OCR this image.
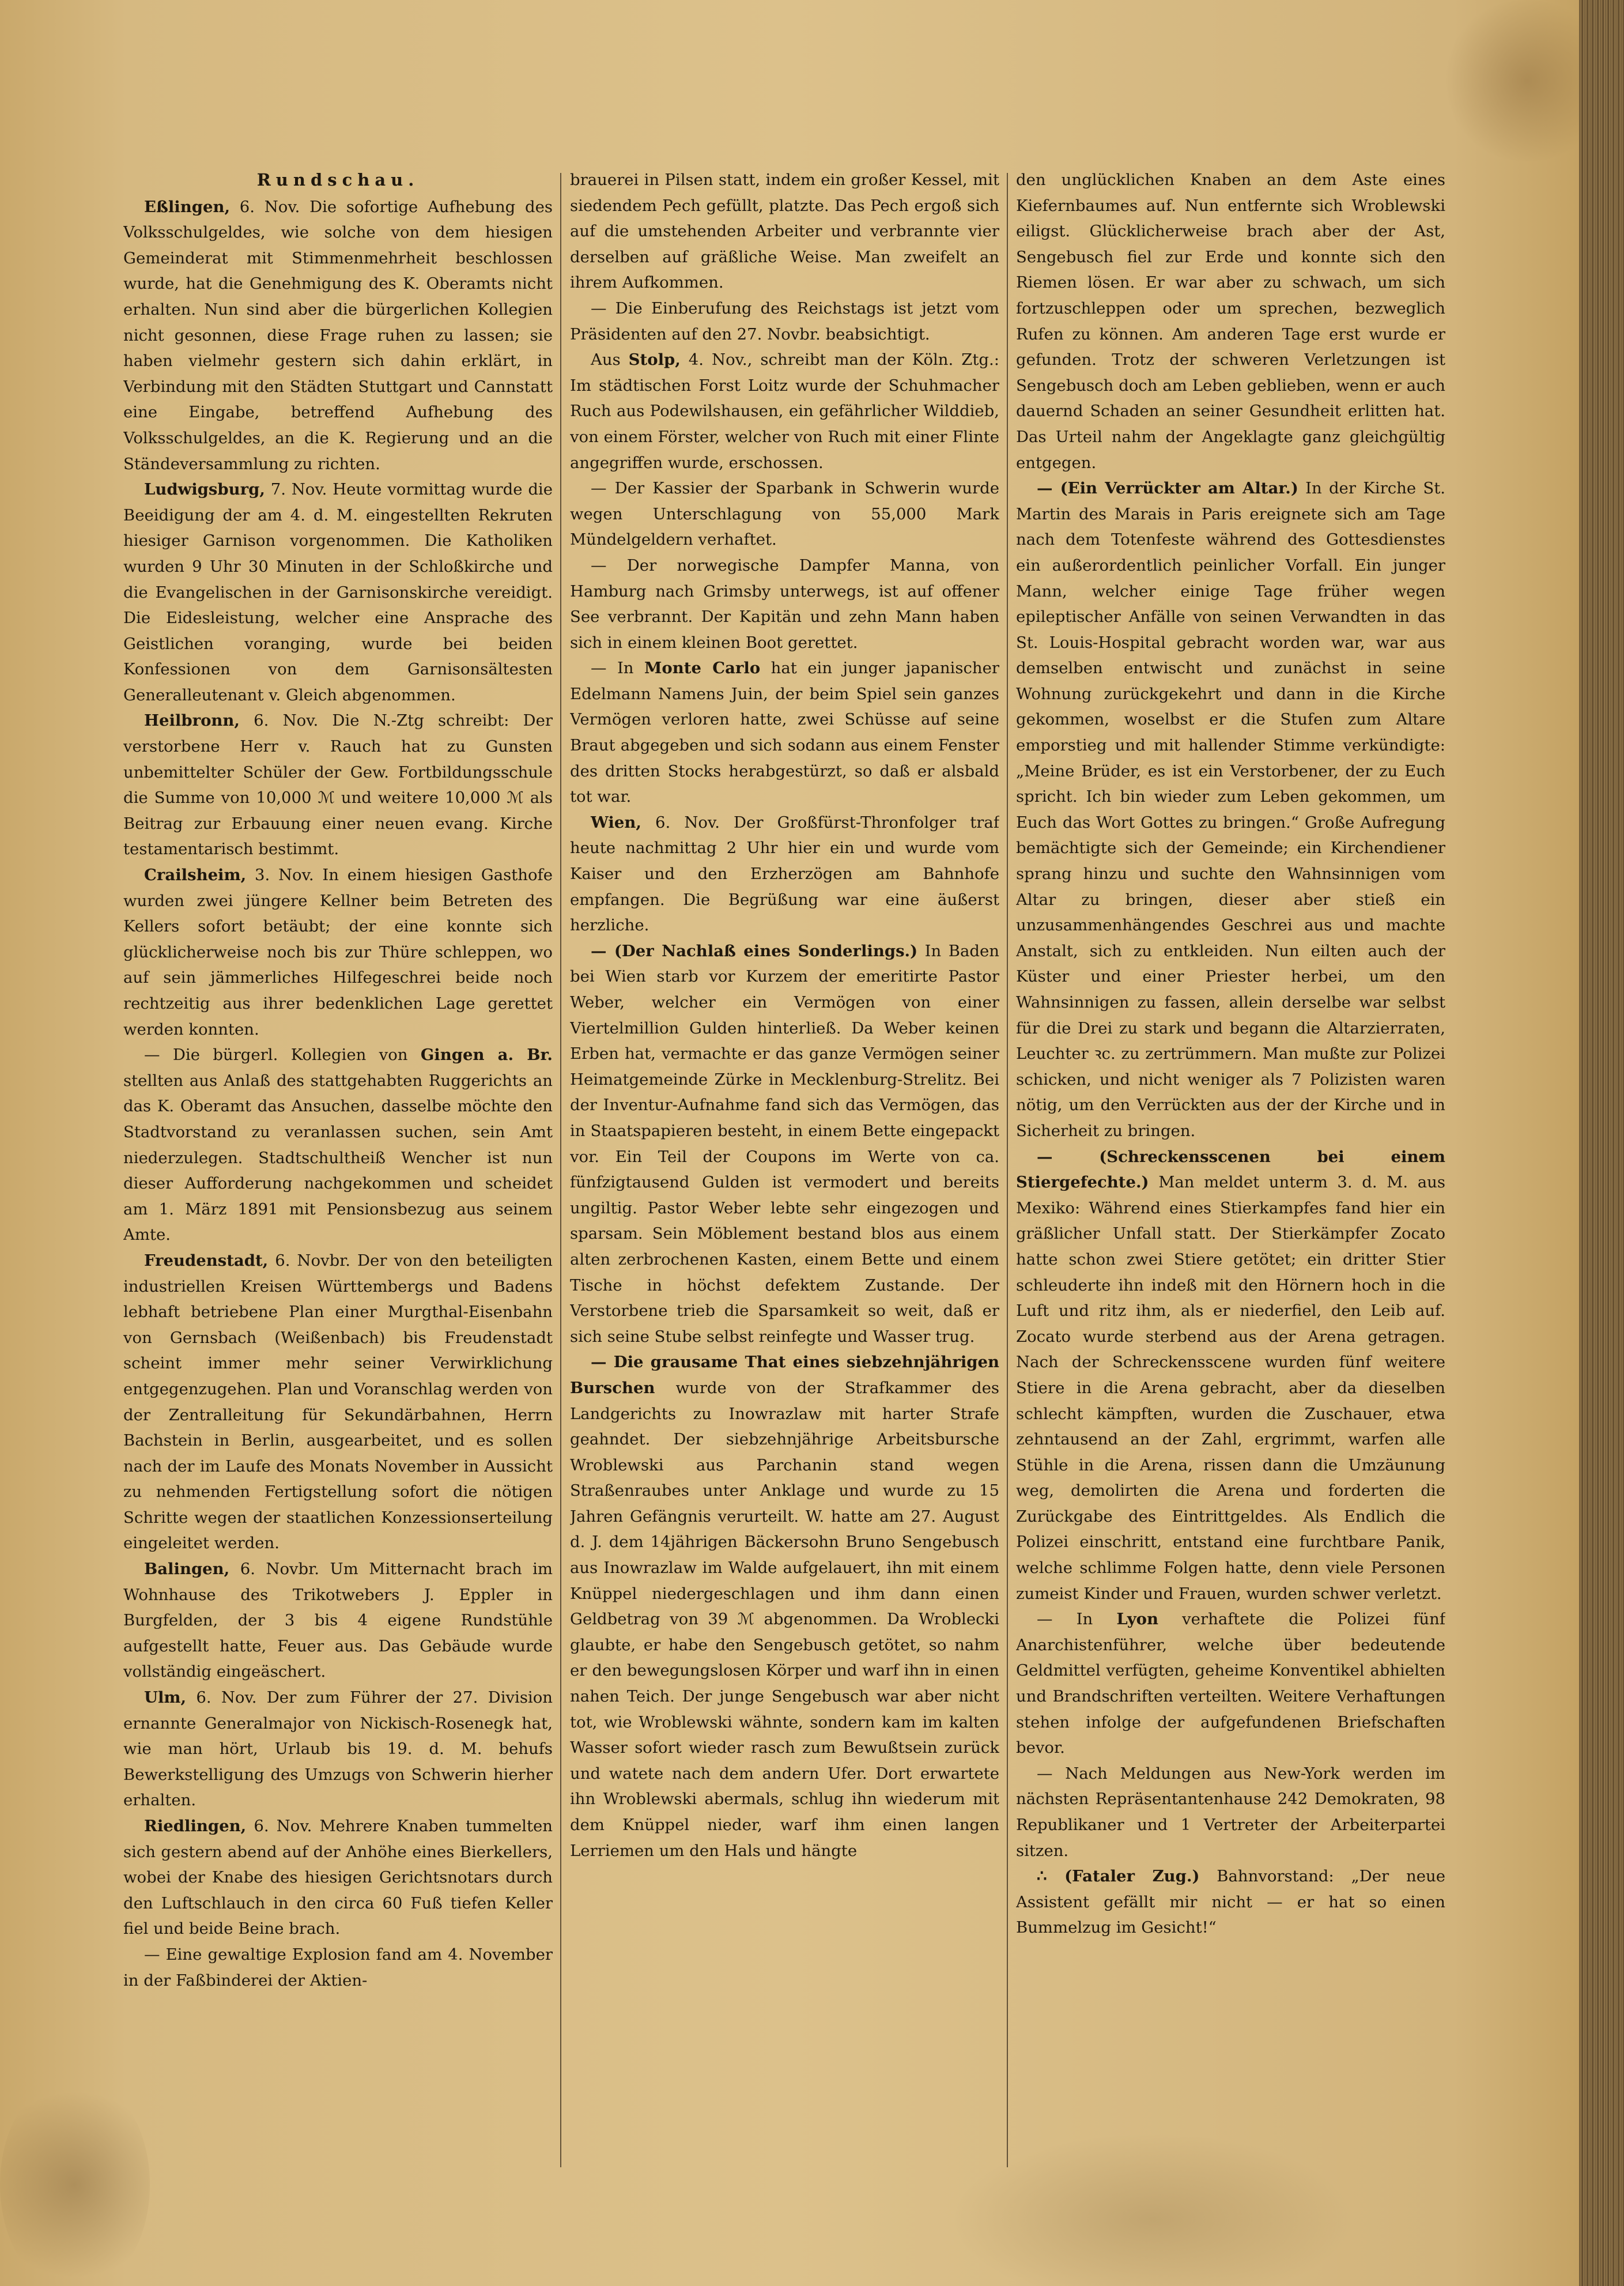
Rundschau.

Eßlingen, 6. Nov. Die sofortige Aufhebung des Volksschulgeldes, wie solche von dem hiesigen Gemeinderat mit Stimmenmehrheit beschlossen wurde, hat die Genehmigung des K. Oberamts nicht erhalten. Nun sind aber die bürgerlichen Kollegien nicht gesonnen, diese Frage ruhen zu lassen; sie haben vielmehr gestern sich dahin erklärt, in Verbindung mit den Städten Stuttgart und Cannstatt eine Eingabe, betreffend Aufhebung des Volksschulgeldes, an die K. Regierung und an die Ständeversammlung zu richten.

Ludwigsburg, 7. Nov. Heute vormittag wurde die Beeidigung der am 4. d. M. eingestellten Rekruten hiesiger Garnison vorgenommen. Die Katholiken wurden 9 Uhr 30 Minuten in der Schloßkirche und die Evangelischen in der Garnisonskirche vereidigt. Die Eidesleistung, welcher eine Ansprache des Geistlichen voranging, wurde bei beiden Konfessionen von dem Garnisonsältesten Generalleutenant v. Gleich abgenommen.

Heilbronn, 6. Nov. Die N.-Ztg schreibt: Der verstorbene Herr v. Rauch hat zu Gunsten unbemittelter Schüler der Gew. Fortbildungsschule die Summe von 10,000 ℳ und weitere 10,000 ℳ als Beitrag zur Erbauung einer neuen evang. Kirche testamentarisch bestimmt.

Crailsheim, 3. Nov. In einem hiesigen Gasthofe wurden zwei jüngere Kellner beim Betreten des Kellers sofort betäubt; der eine konnte sich glücklicherweise noch bis zur Thüre schleppen, wo auf sein jämmerliches Hilfegeschrei beide noch rechtzeitig aus ihrer bedenklichen Lage gerettet werden konnten.

— Die bürgerl. Kollegien von Gingen a. Br. stellten aus Anlaß des stattgehabten Ruggerichts an das K. Oberamt das Ansuchen, dasselbe möchte den Stadtvorstand zu veranlassen suchen, sein Amt niederzulegen. Stadtschultheiß Wencher ist nun dieser Aufforderung nachgekommen und scheidet am 1. März 1891 mit Pensionsbezug aus seinem Amte.

Freudenstadt, 6. Novbr. Der von den beteiligten industriellen Kreisen Württembergs und Badens lebhaft betriebene Plan einer Murgthal-Eisenbahn von Gernsbach (Weißenbach) bis Freudenstadt scheint immer mehr seiner Verwirklichung entgegenzugehen. Plan und Voranschlag werden von der Zentralleitung für Sekundärbahnen, Herrn Bachstein in Berlin, ausgearbeitet, und es sollen nach der im Laufe des Monats November in Aussicht zu nehmenden Fertigstellung sofort die nötigen Schritte wegen der staatlichen Konzessionserteilung eingeleitet werden.

Balingen, 6. Novbr. Um Mitternacht brach im Wohnhause des Trikotwebers J. Eppler in Burgfelden, der 3 bis 4 eigene Rundstühle aufgestellt hatte, Feuer aus. Das Gebäude wurde vollständig eingeäschert.

Ulm, 6. Nov. Der zum Führer der 27. Division ernannte Generalmajor von Nickisch-Rosenegk hat, wie man hört, Urlaub bis 19. d. M. behufs Bewerkstelligung des Umzugs von Schwerin hierher erhalten.

Riedlingen, 6. Nov. Mehrere Knaben tummelten sich gestern abend auf der Anhöhe eines Bierkellers, wobei der Knabe des hiesigen Gerichtsnotars durch den Luftschlauch in den circa 60 Fuß tiefen Keller fiel und beide Beine brach.

— Eine gewaltige Explosion fand am 4. November in der Faßbinderei der Aktien-

brauerei in Pilsen statt, indem ein großer Kessel, mit siedendem Pech gefüllt, platzte. Das Pech ergoß sich auf die umstehenden Arbeiter und verbrannte vier derselben auf gräßliche Weise. Man zweifelt an ihrem Aufkommen.

— Die Einberufung des Reichstags ist jetzt vom Präsidenten auf den 27. Novbr. beabsichtigt.

Aus Stolp, 4. Nov., schreibt man der Köln. Ztg.: Im städtischen Forst Loitz wurde der Schuhmacher Ruch aus Podewilshausen, ein gefährlicher Wilddieb, von einem Förster, welcher von Ruch mit einer Flinte angegriffen wurde, erschossen.

— Der Kassier der Sparbank in Schwerin wurde wegen Unterschlagung von 55,000 Mark Mündelgeldern verhaftet.

— Der norwegische Dampfer Manna, von Hamburg nach Grimsby unterwegs, ist auf offener See verbrannt. Der Kapitän und zehn Mann haben sich in einem kleinen Boot gerettet.

— In Monte Carlo hat ein junger japanischer Edelmann Namens Juin, der beim Spiel sein ganzes Vermögen verloren hatte, zwei Schüsse auf seine Braut abgegeben und sich sodann aus einem Fenster des dritten Stocks herabgestürzt, so daß er alsbald tot war.

Wien, 6. Nov. Der Großfürst-Thronfolger traf heute nachmittag 2 Uhr hier ein und wurde vom Kaiser und den Erzherzögen am Bahnhofe empfangen. Die Begrüßung war eine äußerst herzliche.

— (Der Nachlaß eines Sonderlings.) In Baden bei Wien starb vor Kurzem der emeritirte Pastor Weber, welcher ein Vermögen von einer Viertelmillion Gulden hinterließ. Da Weber keinen Erben hat, vermachte er das ganze Vermögen seiner Heimatgemeinde Zürke in Mecklenburg-Strelitz. Bei der Inventur-Aufnahme fand sich das Vermögen, das in Staatspapieren besteht, in einem Bette eingepackt vor. Ein Teil der Coupons im Werte von ca. fünfzigtausend Gulden ist vermodert und bereits ungiltig. Pastor Weber lebte sehr eingezogen und sparsam. Sein Möblement bestand blos aus einem alten zerbrochenen Kasten, einem Bette und einem Tische in höchst defektem Zustande. Der Verstorbene trieb die Sparsamkeit so weit, daß er sich seine Stube selbst reinfegte und Wasser trug.

— Die grausame That eines siebzehnjährigen Burschen wurde von der Strafkammer des Landgerichts zu Inowrazlaw mit harter Strafe geahndet. Der siebzehnjährige Arbeitsbursche Wroblewski aus Parchanin stand wegen Straßenraubes unter Anklage und wurde zu 15 Jahren Gefängnis verurteilt. W. hatte am 27. August d. J. dem 14jährigen Bäckersohn Bruno Sengebusch aus Inowrazlaw im Walde aufgelauert, ihn mit einem Knüppel niedergeschlagen und ihm dann einen Geldbetrag von 39 ℳ abgenommen. Da Wroblecki glaubte, er habe den Sengebusch getötet, so nahm er den bewegungslosen Körper und warf ihn in einen nahen Teich. Der junge Sengebusch war aber nicht tot, wie Wroblewski wähnte, sondern kam im kalten Wasser sofort wieder rasch zum Bewußtsein zurück und watete nach dem andern Ufer. Dort erwartete ihn Wroblewski abermals, schlug ihn wiederum mit dem Knüppel nieder, warf ihm einen langen Lerriemen um den Hals und hängte

den unglücklichen Knaben an dem Aste eines Kiefernbaumes auf. Nun entfernte sich Wroblewski eiligst. Glücklicherweise brach aber der Ast, Sengebusch fiel zur Erde und konnte sich den Riemen lösen. Er war aber zu schwach, um sich fortzuschleppen oder um sprechen, bezweglich Rufen zu können. Am anderen Tage erst wurde er gefunden. Trotz der schweren Verletzungen ist Sengebusch doch am Leben geblieben, wenn er auch dauernd Schaden an seiner Gesundheit erlitten hat. Das Urteil nahm der Angeklagte ganz gleichgültig entgegen.

— (Ein Verrückter am Altar.) In der Kirche St. Martin des Marais in Paris ereignete sich am Tage nach dem Totenfeste während des Gottesdienstes ein außerordentlich peinlicher Vorfall. Ein junger Mann, welcher einige Tage früher wegen epileptischer Anfälle von seinen Verwandten in das St. Louis-Hospital gebracht worden war, war aus demselben entwischt und zunächst in seine Wohnung zurückgekehrt und dann in die Kirche gekommen, woselbst er die Stufen zum Altare emporstieg und mit hallender Stimme verkündigte: „Meine Brüder, es ist ein Verstorbener, der zu Euch spricht. Ich bin wieder zum Leben gekommen, um Euch das Wort Gottes zu bringen.“ Große Aufregung bemächtigte sich der Gemeinde; ein Kirchendiener sprang hinzu und suchte den Wahnsinnigen vom Altar zu bringen, dieser aber stieß ein unzusammenhängendes Geschrei aus und machte Anstalt, sich zu entkleiden. Nun eilten auch der Küster und einer Priester herbei, um den Wahnsinnigen zu fassen, allein derselbe war selbst für die Drei zu stark und begann die Altarzierraten, Leuchter ꝛc. zu zertrümmern. Man mußte zur Polizei schicken, und nicht weniger als 7 Polizisten waren nötig, um den Verrückten aus der der Kirche und in Sicherheit zu bringen.

— (Schreckensscenen bei einem Stiergefechte.) Man meldet unterm 3. d. M. aus Mexiko: Während eines Stierkampfes fand hier ein gräßlicher Unfall statt. Der Stierkämpfer Zocato hatte schon zwei Stiere getötet; ein dritter Stier schleuderte ihn indeß mit den Hörnern hoch in die Luft und ritz ihm, als er niederfiel, den Leib auf. Zocato wurde sterbend aus der Arena getragen. Nach der Schreckensscene wurden fünf weitere Stiere in die Arena gebracht, aber da dieselben schlecht kämpften, wurden die Zuschauer, etwa zehntausend an der Zahl, ergrimmt, warfen alle Stühle in die Arena, rissen dann die Umzäunung weg, demolirten die Arena und forderten die Zurückgabe des Eintrittgeldes. Als Endlich die Polizei einschritt, entstand eine furchtbare Panik, welche schlimme Folgen hatte, denn viele Personen zumeist Kinder und Frauen, wurden schwer verletzt.

— In Lyon verhaftete die Polizei fünf Anarchistenführer, welche über bedeutende Geldmittel verfügten, geheime Konventikel abhielten und Brandschriften verteilten. Weitere Verhaftungen stehen infolge der aufgefundenen Briefschaften bevor.

— Nach Meldungen aus New-York werden im nächsten Repräsentantenhause 242 Demokraten, 98 Republikaner und 1 Vertreter der Arbeiterpartei sitzen.

∴ (Fataler Zug.) Bahnvorstand: „Der neue Assistent gefällt mir nicht — er hat so einen Bummelzug im Gesicht!“
